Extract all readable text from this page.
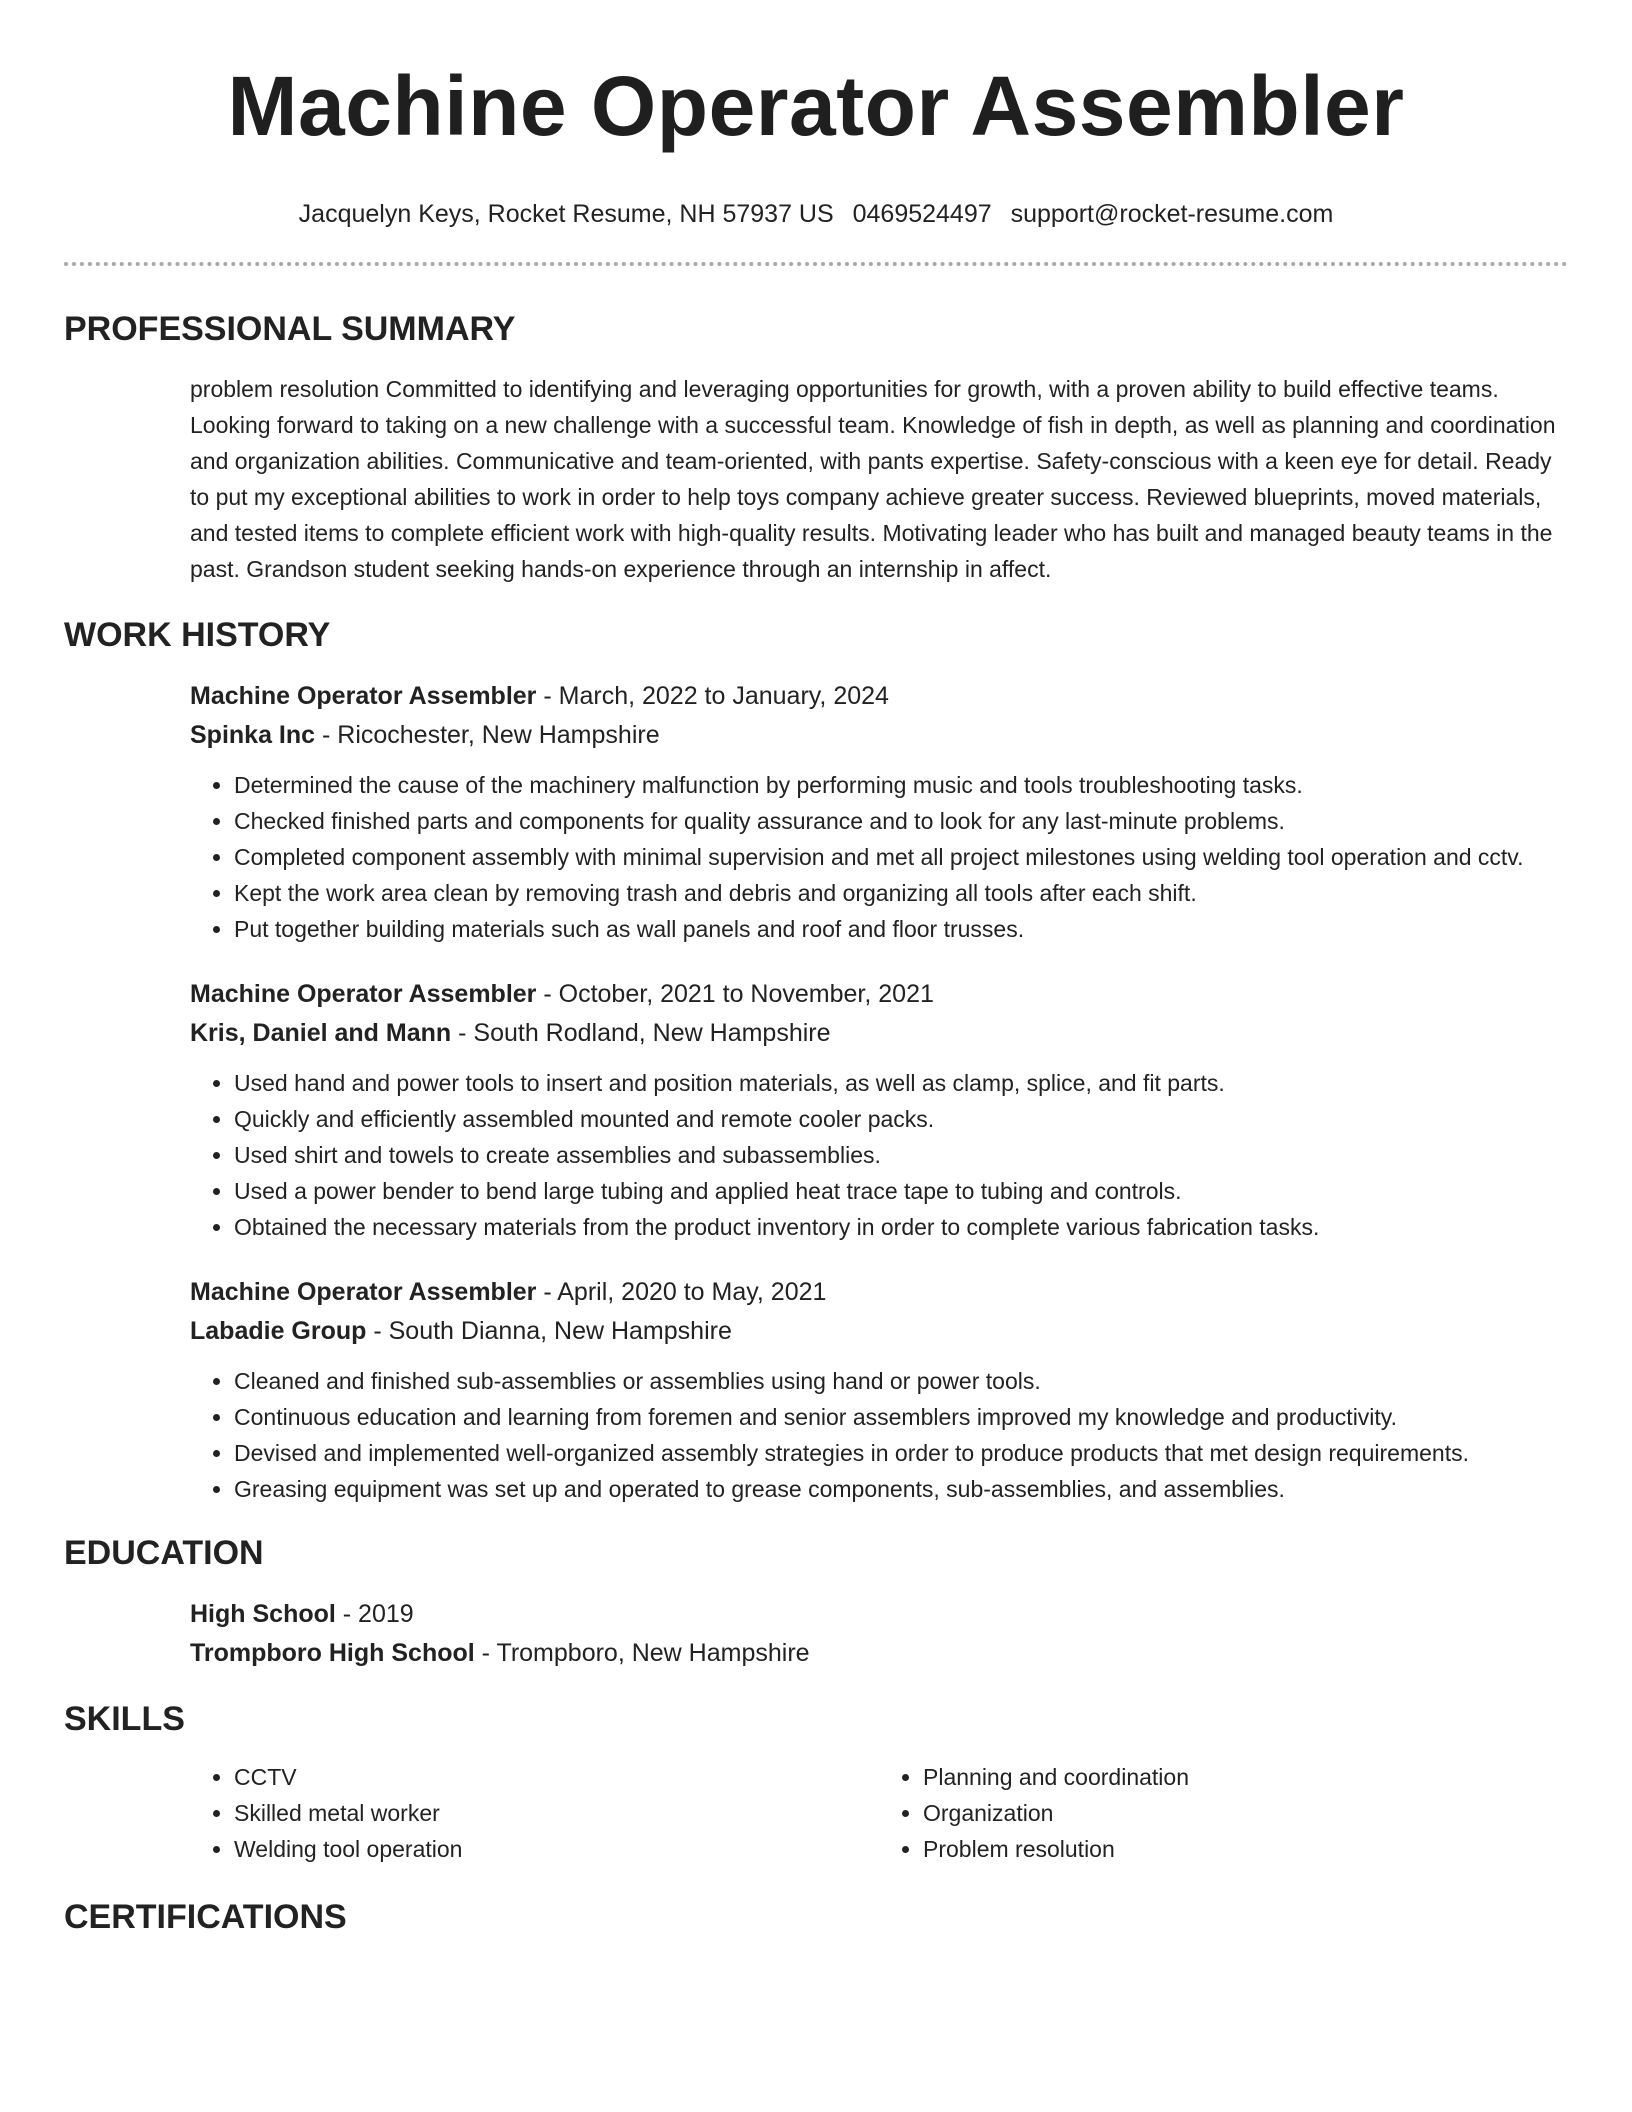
Machine Operator Assembler
Jacquelyn Keys, Rocket Resume, NH 57937 US 0469524497 support@rocket-resume.com
PROFESSIONAL SUMMARY

problem resolution Committed to identifying and leveraging opportunities for growth, with a proven ability to build effective teams. Looking forward to taking on a new challenge with a successful team. Knowledge of fish in depth, as well as planning and coordination and organization abilities. Communicative and team-oriented, with pants expertise. Safety-conscious with a keen eye for detail. Ready to put my exceptional abilities to work in order to help toys company achieve greater success. Reviewed blueprints, moved materials, and tested items to complete efficient work with high-quality results. Motivating leader who has built and managed beauty teams in the past. Grandson student seeking hands-on experience through an internship in affect.

WORK HISTORY
Machine Operator Assembler - March, 2022 to January, 2024
Spinka Inc - Ricochester, New Hampshire
• Determined the cause of the machinery malfunction by performing music and tools troubleshooting tasks.
• Checked finished parts and components for quality assurance and to look for any last-minute problems.
• Completed component assembly with minimal supervision and met all project milestones using welding tool operation and cctv.
• Kept the work area clean by removing trash and debris and organizing all tools after each shift.
• Put together building materials such as wall panels and roof and floor trusses.
Machine Operator Assembler - October, 2021 to November, 2021
Kris, Daniel and Mann - South Rodland, New Hampshire
• Used hand and power tools to insert and position materials, as well as clamp, splice, and fit parts.
• Quickly and efficiently assembled mounted and remote cooler packs.
• Used shirt and towels to create assemblies and subassemblies.
• Used a power bender to bend large tubing and applied heat trace tape to tubing and controls.
• Obtained the necessary materials from the product inventory in order to complete various fabrication tasks.
Machine Operator Assembler - April, 2020 to May, 2021
Labadie Group - South Dianna, New Hampshire
• Cleaned and finished sub-assemblies or assemblies using hand or power tools.
• Continuous education and learning from foremen and senior assemblers improved my knowledge and productivity.
• Devised and implemented well-organized assembly strategies in order to produce products that met design requirements.
• Greasing equipment was set up and operated to grease components, sub-assemblies, and assemblies.
EDUCATION
High School - 2019
Trompboro High School - Trompboro, New Hampshire
SKILLS
• CCTV
• Skilled metal worker
• Welding tool operation
• Planning and coordination
• Organization
• Problem resolution
CERTIFICATIONS
